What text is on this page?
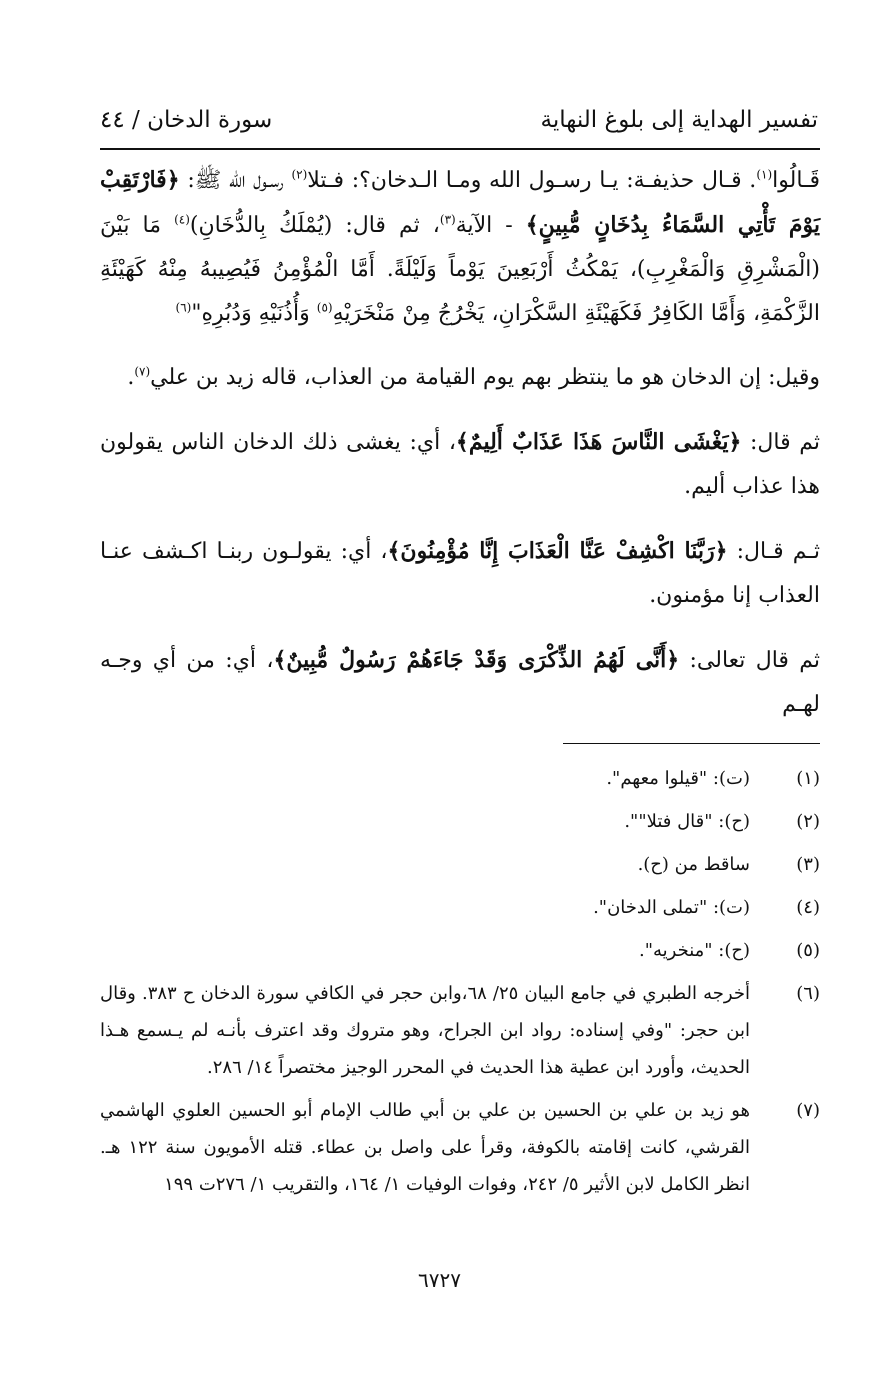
تفسير الهداية إلى بلوغ النهاية
سورة الدخان / ٤٤

قَـالُوا$^{(١)}$. قـال حذيفـة: يـا رسـول الله ومـا الـدخان؟: فـتلا$^{(٢)}$ رسـول الله ﷺ: ﴿فَارْتَقِبْ يَوْمَ تَأْتِي السَّمَاءُ بِدُخَانٍ مُّبِينٍ﴾ - الآية$^{(٣)}$، ثم قال: (يُمْلَكُ بِالدُّخَانِ)$^{(٤)}$ مَا بَيْنَ (الْمَشْرِقِ وَالْمَغْرِبِ)، يَمْكُثُ أَرْبَعِينَ يَوْماً وَلَيْلَةً. أَمَّا الْمُؤْمِنُ فَيُصِيبهُ مِنْهُ كَهَيْئَةِ الزَّكْمَةِ، وَأَمَّا الكَافِرُ فَكَهَيْئَةِ السَّكْرَانِ، يَخْرُجُ مِنْ مَنْخَرَيْهِ$^{(٥)}$ وَأُذُنَيْهِ وَدُبُرِهِ"$^{(٦)}$

وقيل: إن الدخان هو ما ينتظر بهم يوم القيامة من العذاب، قاله زيد بن علي$^{(٧)}$.

ثم قال: ﴿يَغْشَى النَّاسَ هَذَا عَذَابٌ أَلِيمٌ﴾، أي: يغشى ذلك الدخان الناس يقولون هذا عذاب أليم.

ثـم قـال: ﴿رَبَّنَا اكْشِفْ عَنَّا الْعَذَابَ إِنَّا مُؤْمِنُونَ﴾، أي: يقولـون ربنـا اكـشف عنـا العذاب إنا مؤمنون.

ثم قال تعالى: ﴿أَنَّى لَهُمُ الذِّكْرَى وَقَدْ جَاءَهُمْ رَسُولٌ مُّبِينٌ﴾، أي: من أي وجـه لهـم

(١)
(ت): "قيلوا معهم".
(٢)
(ح): "قال فتلا"".
(٣)
ساقط من (ح).
(٤)
(ت): "تملى الدخان".
(٥)
(ح): "منخريه".
(٦)
أخرجه الطبري في جامع البيان ٢٥/ ٦٨،وابن حجر في الكافي سورة الدخان ح ٣٨٣. وقال ابن حجر: "وفي إسناده: رواد ابن الجراح، وهو متروك وقد اعترف بأنـه لم يـسمع هـذا الحديث، وأورد ابن عطية هذا الحديث في المحرر الوجيز مختصراً ١٤/ ٢٨٦.
(٧)
هو زيد بن علي بن الحسين بن علي بن أبي طالب الإمام أبو الحسين العلوي الهاشمي القرشي، كانت إقامته بالكوفة، وقرأ على واصل بن عطاء. قتله الأمويون سنة ١٢٢ هـ. انظر الكامل لابن الأثير ٥/ ٢٤٢، وفوات الوفيات ١/ ١٦٤، والتقريب ١/ ٢٧٦ت ١٩٩
٦٧٢٧
